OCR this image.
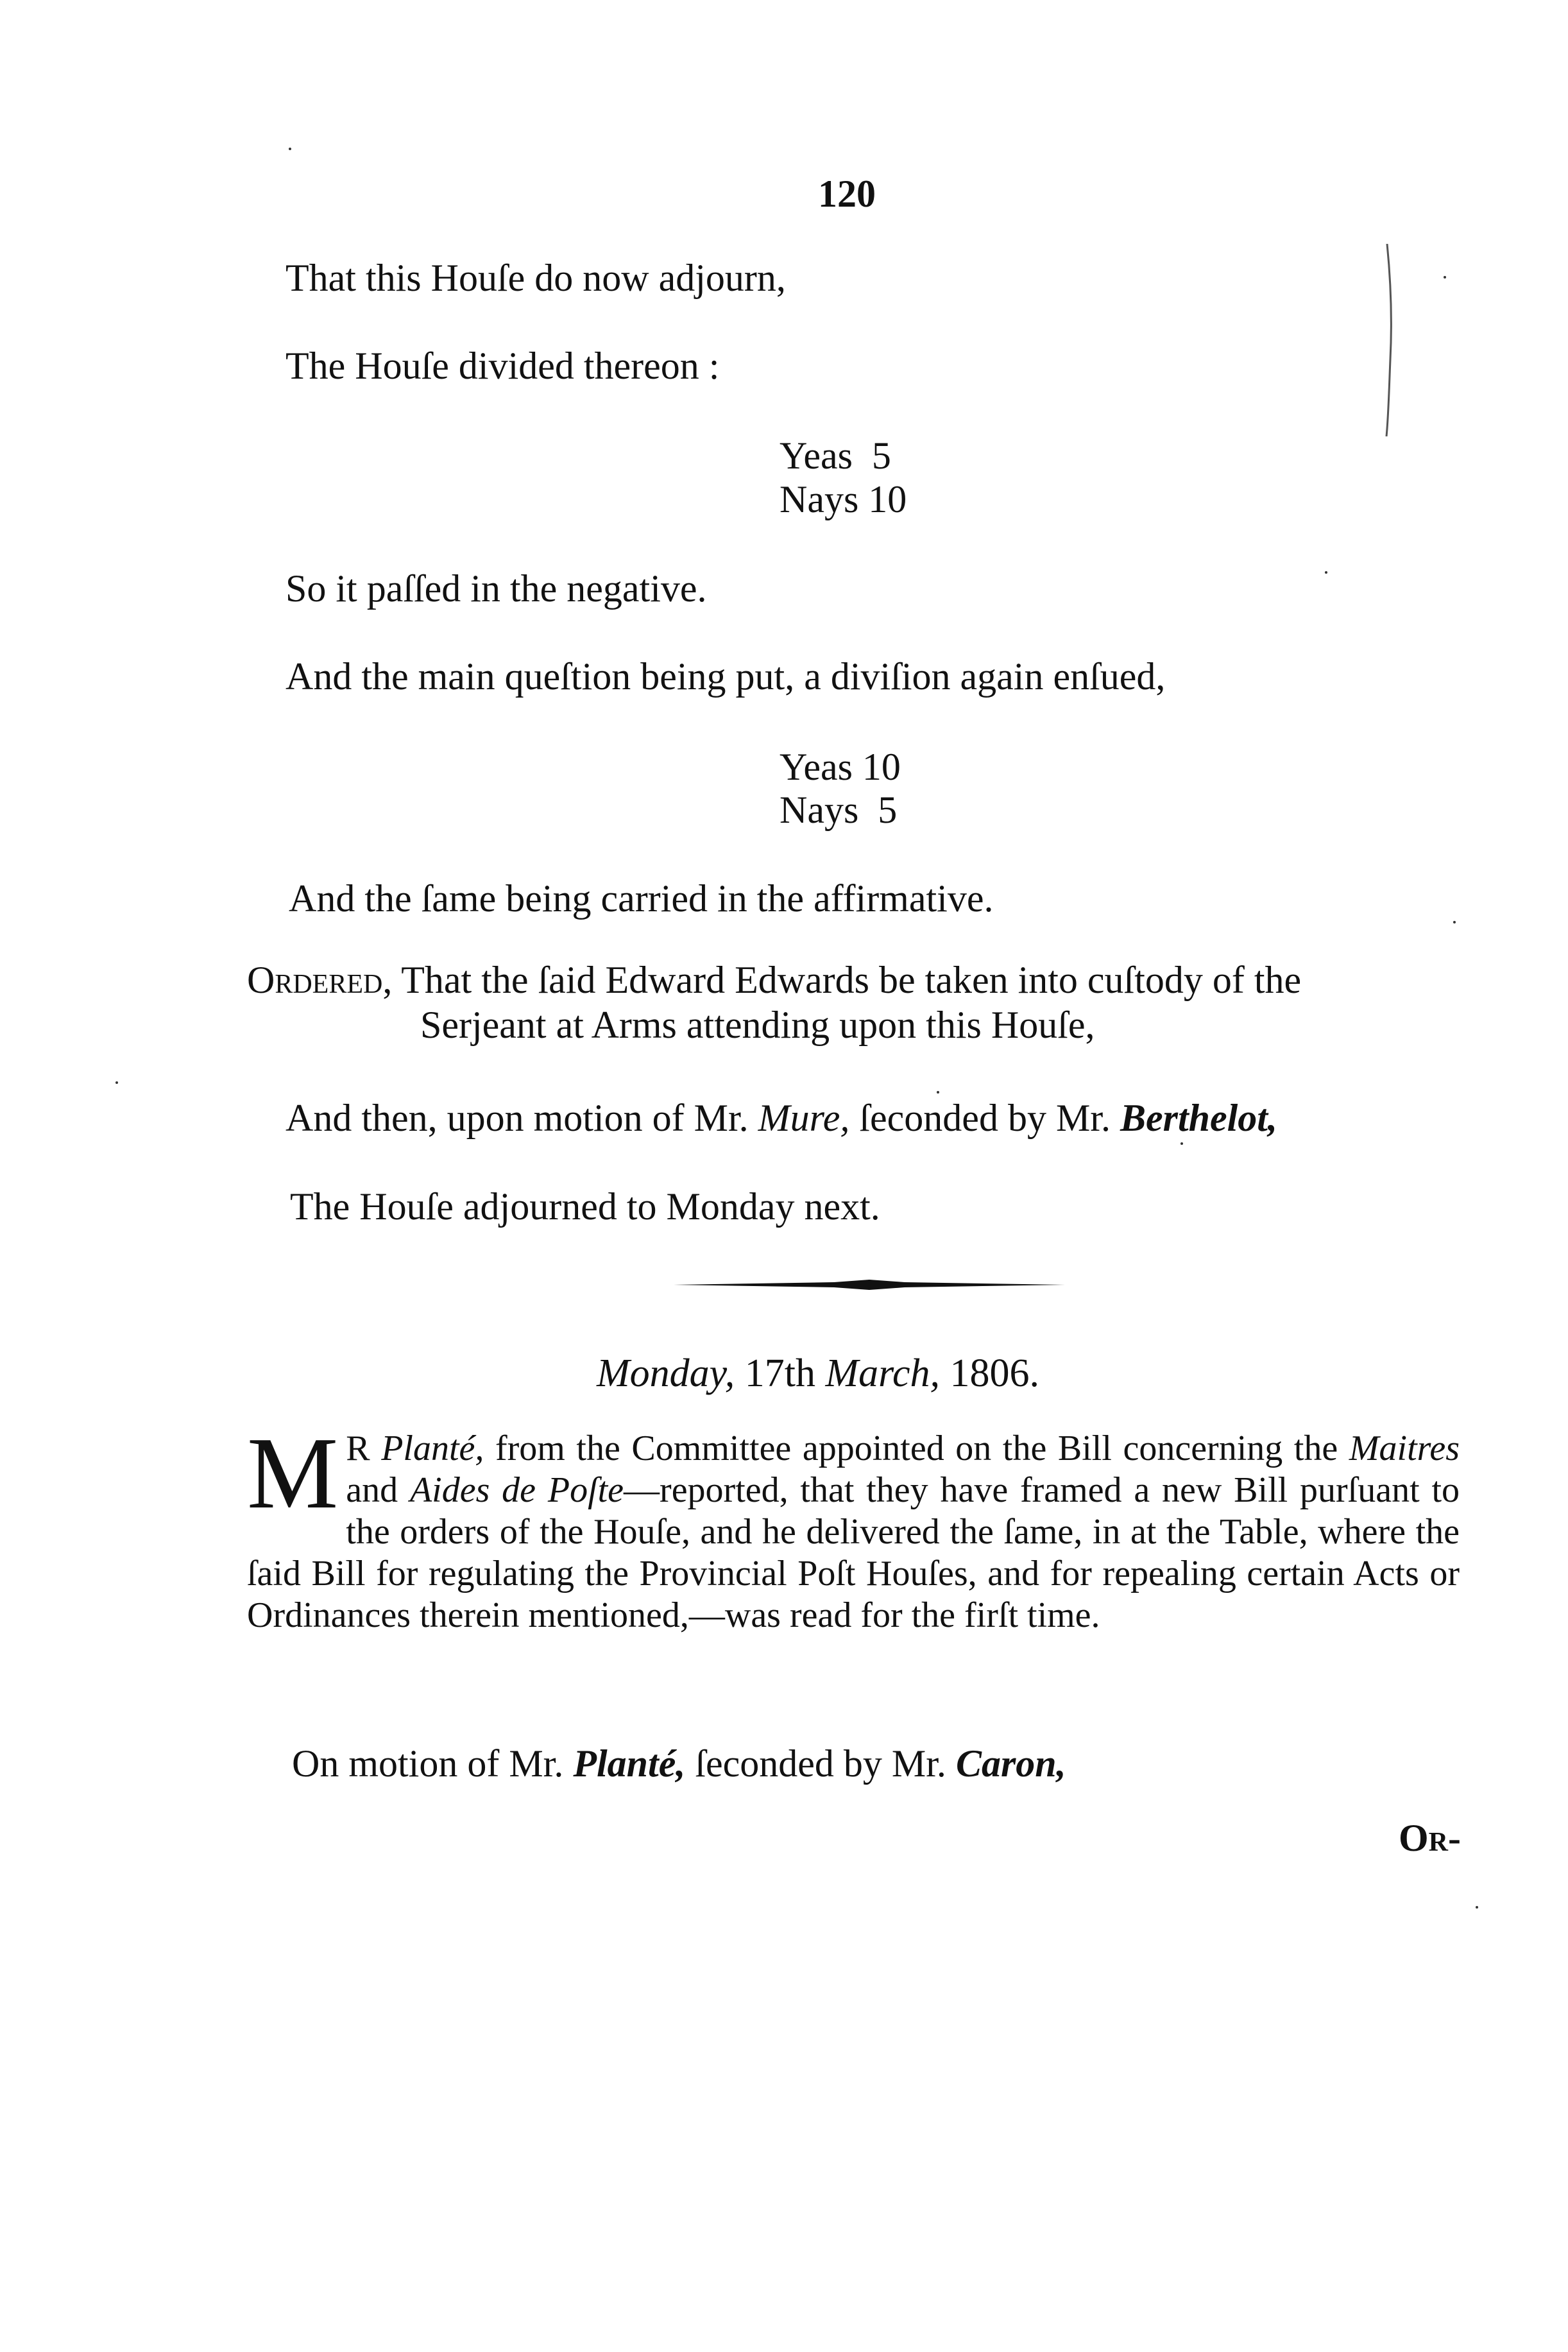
120
That this Houſe do now adjourn,
The Houſe divided thereon :
Yeas  5
Nays 10
So it paſſed in the negative.
And the main queſtion being put, a diviſion again enſued,
Yeas 10
Nays  5
And the ſame being carried in the affirmative.
Ordered, That the ſaid Edward Edwards be taken into cuſtody of the
Serjeant at Arms attending upon this Houſe,
And then, upon motion of Mr. Mure, ſeconded by Mr. Berthelot,
The Houſe adjourned to Monday next.
Monday, 17th March, 1806.
M R Planté, from the Committee appointed on the Bill concerning the Maitres and Aides de Poſte—reported, that they have framed a new Bill purſuant to the orders of the Houſe, and he delivered the ſame, in at the Table, where the ſaid Bill for regulating the Provincial Poſt Houſes, and for repealing certain Acts or Ordinances therein mentioned,—was read for the firſt time.
On motion of Mr. Planté, ſeconded by Mr. Caron,
Or-
